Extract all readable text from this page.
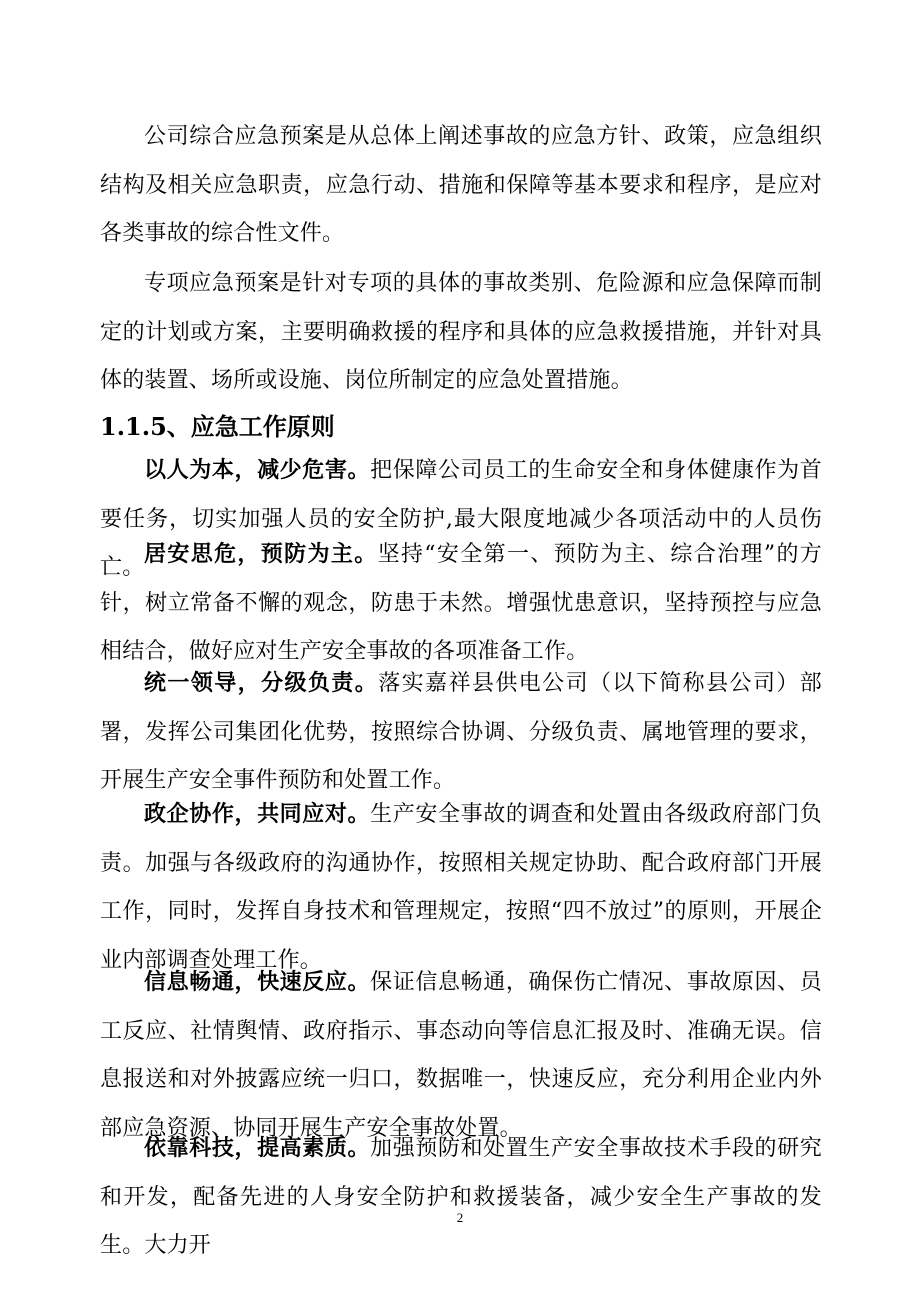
公司综合应急预案是从总体上阐述事故的应急方针、政策，应急组织结构及相关应急职责，应急行动、措施和保障等基本要求和程序，是应对各类事故的综合性文件。

专项应急预案是针对专项的具体的事故类别、危险源和应急保障而制定的计划或方案，主要明确救援的程序和具体的应急救援措施，并针对具体的装置、场所或设施、岗位所制定的应急处置措施。

1.1.5、应急工作原则

以人为本，减少危害。把保障公司员工的生命安全和身体健康作为首要任务，切实加强人员的安全防护,最大限度地减少各项活动中的人员伤亡。

居安思危，预防为主。坚持“安全第一、预防为主、综合治理”的方针，树立常备不懈的观念，防患于未然。增强忧患意识，坚持预控与应急相结合，做好应对生产安全事故的各项准备工作。

统一领导，分级负责。落实嘉祥县供电公司（以下简称县公司）部署，发挥公司集团化优势，按照综合协调、分级负责、属地管理的要求，开展生产安全事件预防和处置工作。

政企协作，共同应对。生产安全事故的调查和处置由各级政府部门负责。加强与各级政府的沟通协作，按照相关规定协助、配合政府部门开展工作，同时，发挥自身技术和管理规定，按照“四不放过”的原则，开展企业内部调查处理工作。

信息畅通，快速反应。保证信息畅通，确保伤亡情况、事故原因、员工反应、社情舆情、政府指示、事态动向等信息汇报及时、准确无误。信息报送和对外披露应统一归口，数据唯一，快速反应，充分利用企业内外部应急资源、协同开展生产安全事故处置。

依靠科技，提高素质。加强预防和处置生产安全事故技术手段的研究和开发，配备先进的人身安全防护和救援装备，减少安全生产事故的发生。大力开

2
